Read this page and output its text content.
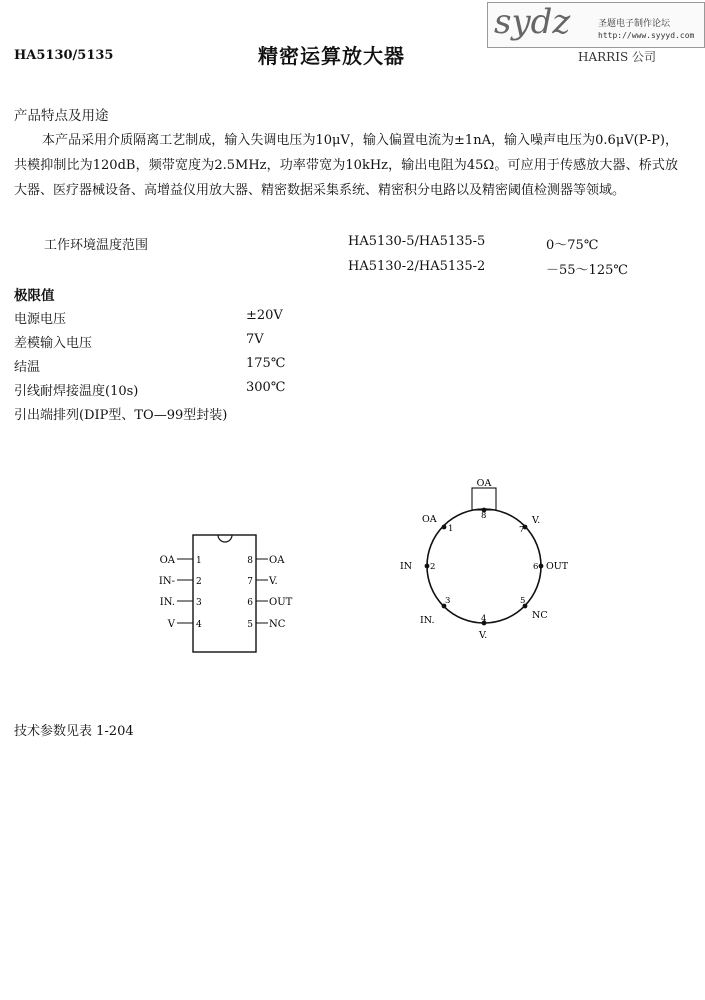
HA5130/5135	精密运算放大器
sydz	圣题电子制作论坛
http://www.syyyd.com
HARRIS 公司
产品特点及用途
本产品采用介质隔离工艺制成，输入失调电压为10μV，输入偏置电流为±1nA，输入噪声电压为0.6μV(P-P)，共模抑制比为120dB，频带宽度为2.5MHz，功率带宽为10kHz，输出电阻为45Ω。可应用于传感放大器、桥式放大器、医疗器械设备、高增益仪用放大器、精密数据采集系统、精密积分电路以及精密阈值检测器等领域。
工作环境温度范围	HA5130-5/HA5135-5	0～75℃
HA5130-2/HA5135-2	－55～125℃
极限值
电源电压	±20V
差模输入电压	7V
结温	175℃
引线耐焊接温度(10s)	300℃
引出端排列(DIP型、TO—99型封装)
OA
IN-
IN.
V
1
2
3
4
8
7
6
5
OA
V.
OUT
NC
OA
1
2
3
4
5
6
7
8
OA
IN
IN.
V.
NC
OUT
V.
技术参数见表 1-204
